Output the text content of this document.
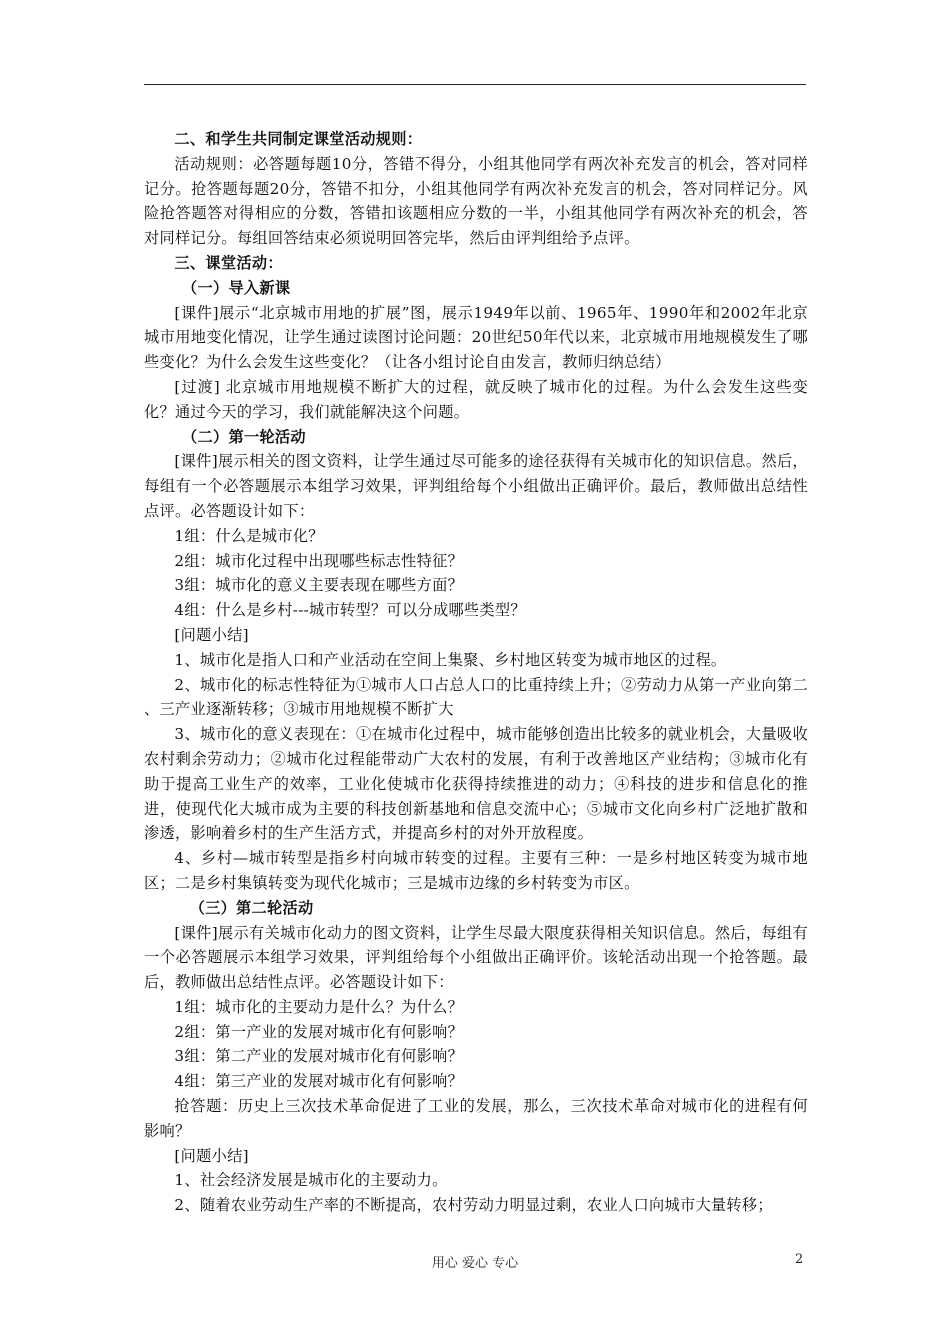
二、和学生共同制定课堂活动规则：

活动规则：必答题每题10分，答错不得分，小组其他同学有两次补充发言的机会，答对同样记分。抢答题每题20分，答错不扣分，小组其他同学有两次补充发言的机会，答对同样记分。风险抢答题答对得相应的分数，答错扣该题相应分数的一半，小组其他同学有两次补充的机会，答对同样记分。每组回答结束必须说明回答完毕，然后由评判组给予点评。

三、课堂活动：

（一）导入新课

[课件]展示“北京城市用地的扩展”图，展示1949年以前、1965年、1990年和2002年北京城市用地变化情况，让学生通过读图讨论问题：20世纪50年代以来，北京城市用地规模发生了哪些变化？为什么会发生这些变化？（让各小组讨论自由发言，教师归纳总结）

[过渡] 北京城市用地规模不断扩大的过程，就反映了城市化的过程。为什么会发生这些变化？通过今天的学习，我们就能解决这个问题。

（二）第一轮活动

[课件]展示相关的图文资料，让学生通过尽可能多的途径获得有关城市化的知识信息。然后，每组有一个必答题展示本组学习效果，评判组给每个小组做出正确评价。最后，教师做出总结性点评。必答题设计如下：

1组：什么是城市化？

2组：城市化过程中出现哪些标志性特征？

3组：城市化的意义主要表现在哪些方面？

4组：什么是乡村---城市转型？可以分成哪些类型？

[问题小结]

1、城市化是指人口和产业活动在空间上集聚、乡村地区转变为城市地区的过程。

2、城市化的标志性特征为①城市人口占总人口的比重持续上升；②劳动力从第一产业向第二 、三产业逐渐转移；③城市用地规模不断扩大

3、城市化的意义表现在：①在城市化过程中，城市能够创造出比较多的就业机会，大量吸收农村剩余劳动力；②城市化过程能带动广大农村的发展，有利于改善地区产业结构；③城市化有助于提高工业生产的效率，工业化使城市化获得持续推进的动力；④科技的进步和信息化的推进，使现代化大城市成为主要的科技创新基地和信息交流中心；⑤城市文化向乡村广泛地扩散和渗透，影响着乡村的生产生活方式，并提高乡村的对外开放程度。

4、乡村—城市转型是指乡村向城市转变的过程。主要有三种：一是乡村地区转变为城市地区；二是乡村集镇转变为现代化城市；三是城市边缘的乡村转变为市区。

（三）第二轮活动

[课件]展示有关城市化动力的图文资料，让学生尽最大限度获得相关知识信息。然后，每组有一个必答题展示本组学习效果，评判组给每个小组做出正确评价。该轮活动出现一个抢答题。最后，教师做出总结性点评。必答题设计如下：

1组：城市化的主要动力是什么？为什么？

2组：第一产业的发展对城市化有何影响？

3组：第二产业的发展对城市化有何影响？

4组：第三产业的发展对城市化有何影响？

抢答题：历史上三次技术革命促进了工业的发展，那么，三次技术革命对城市化的进程有何影响？

[问题小结]

1、社会经济发展是城市化的主要动力。

2、随着农业劳动生产率的不断提高，农村劳动力明显过剩，农业人口向城市大量转移；

用心 爱心 专心	2
